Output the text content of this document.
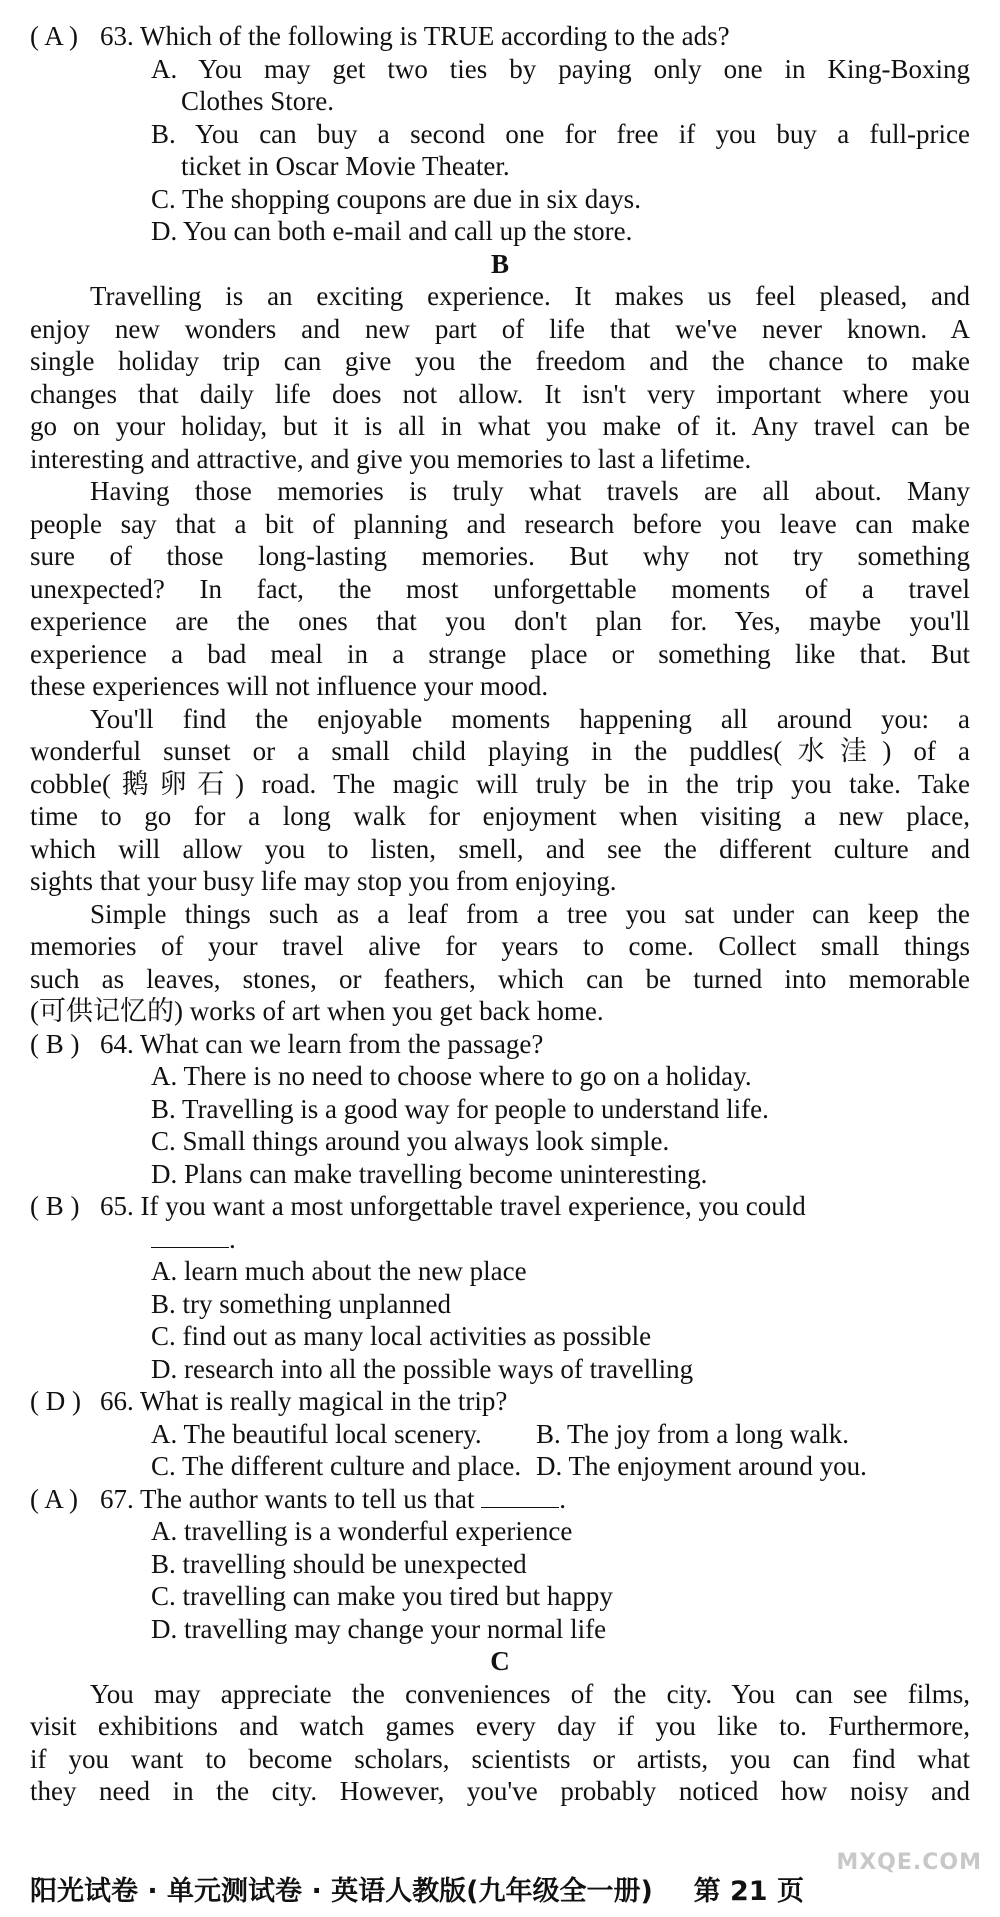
( A ) 63. Which of the following is TRUE according to the ads?
A. You may get two ties by paying only one in King-Boxing
Clothes Store.
B. You can buy a second one for free if you buy a full-price
ticket in Oscar Movie Theater.
C. The shopping coupons are due in six days.
D. You can both e-mail and call up the store.
B
Travelling is an exciting experience. It makes us feel pleased, and
enjoy new wonders and new part of life that we've never known. A
single holiday trip can give you the freedom and the chance to make
changes that daily life does not allow. It isn't very important where you
go on your holiday, but it is all in what you make of it. Any travel can be
interesting and attractive, and give you memories to last a lifetime.
Having those memories is truly what travels are all about. Many
people say that a bit of planning and research before you leave can make
sure of those long-lasting memories. But why not try something
unexpected? In fact, the most unforgettable moments of a travel
experience are the ones that you don't plan for. Yes, maybe you'll
experience a bad meal in a strange place or something like that. But
these experiences will not influence your mood.
You'll find the enjoyable moments happening all around you: a
wonderful sunset or a small child playing in the puddles(水洼) of a
cobble(鹅卵石) road. The magic will truly be in the trip you take. Take
time to go for a long walk for enjoyment when visiting a new place,
which will allow you to listen, smell, and see the different culture and
sights that your busy life may stop you from enjoying.
Simple things such as a leaf from a tree you sat under can keep the
memories of your travel alive for years to come. Collect small things
such as leaves, stones, or feathers, which can be turned into memorable
(可供记忆的) works of art when you get back home.
( B ) 64. What can we learn from the passage?
A. There is no need to choose where to go on a holiday.
B. Travelling is a good way for people to understand life.
C. Small things around you always look simple.
D. Plans can make travelling become uninteresting.
( B ) 65. If you want a most unforgettable travel experience, you could
.
A. learn much about the new place
B. try something unplanned
C. find out as many local activities as possible
D. research into all the possible ways of travelling
( D ) 66. What is really magical in the trip?
A. The beautiful local scenery. B. The joy from a long walk.
C. The different culture and place. D. The enjoyment around you.
( A ) 67. The author wants to tell us that	.
A. travelling is a wonderful experience
B. travelling should be unexpected
C. travelling can make you tired but happy
D. travelling may change your normal life
C
You may appreciate the conveniences of the city. You can see films,
visit exhibitions and watch games every day if you like to. Furthermore,
if you want to become scholars, scientists or artists, you can find what
they need in the city. However, you've probably noticed how noisy and
阳光试卷 · 单元测试卷 · 英语人教版(九年级全一册) 第 21 页
MXQE.COM
